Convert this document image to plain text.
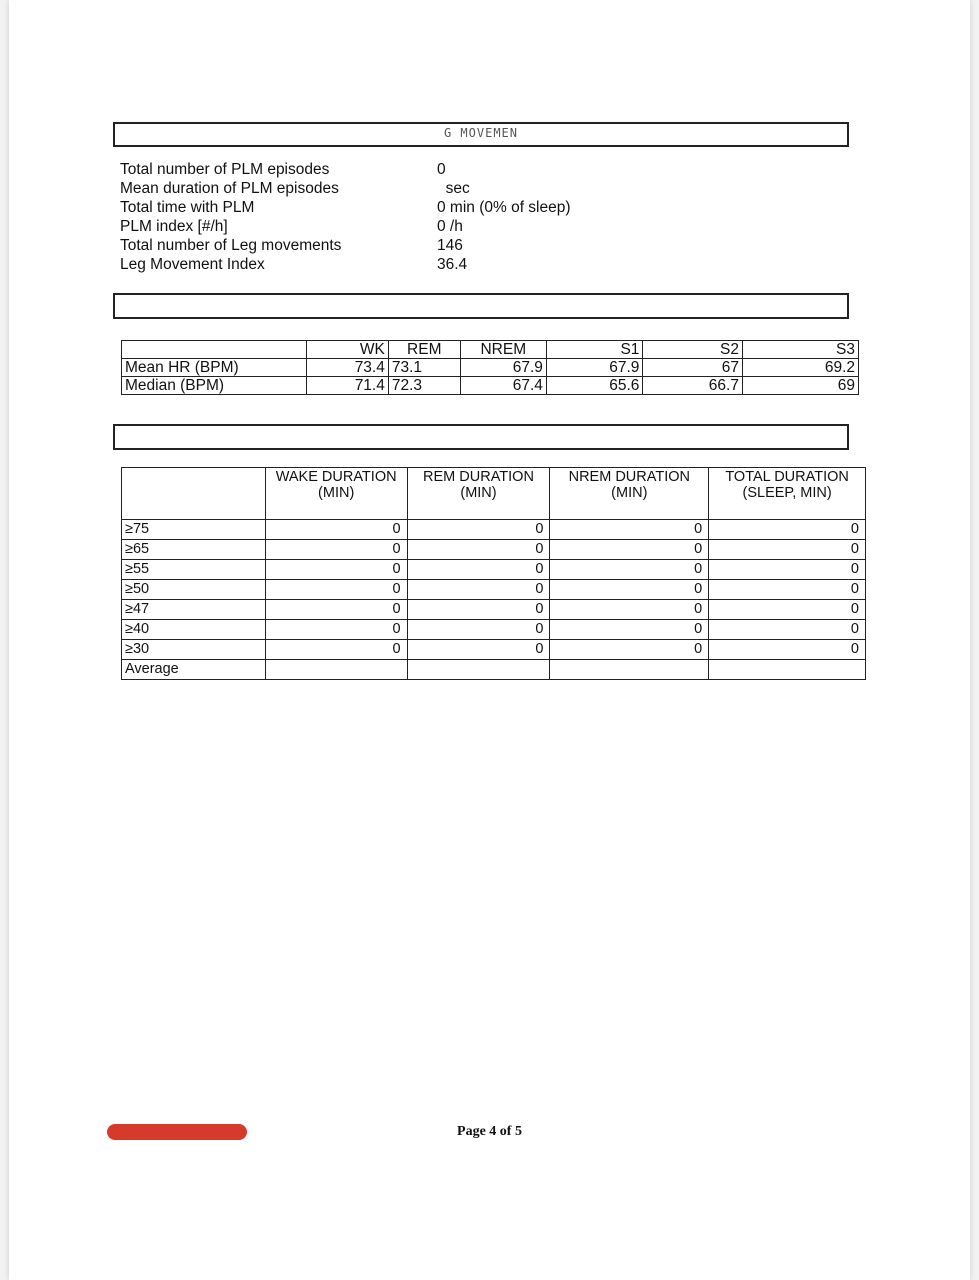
G MOVEMEN
Total number of PLM episodes	0
Mean duration of PLM episodes	sec
Total time with PLM	0 min (0% of sleep)
PLM index [#/h]	0 /h
Total number of Leg movements	146
Leg Movement Index	36.4
	WK	REM	NREM	S1	S2	S3
Mean HR (BPM)	73.4	73.1	67.9	67.9	67	69.2
Median (BPM)	71.4	72.3	67.4	65.6	66.7	69
	WAKE DURATION (MIN)	REM DURATION (MIN)	NREM DURATION (MIN)	TOTAL DURATION (SLEEP, MIN)
≥75	0	0	0	0
≥65	0	0	0	0
≥55	0	0	0	0
≥50	0	0	0	0
≥47	0	0	0	0
≥40	0	0	0	0
≥30	0	0	0	0
Average				
Page 4 of 5
